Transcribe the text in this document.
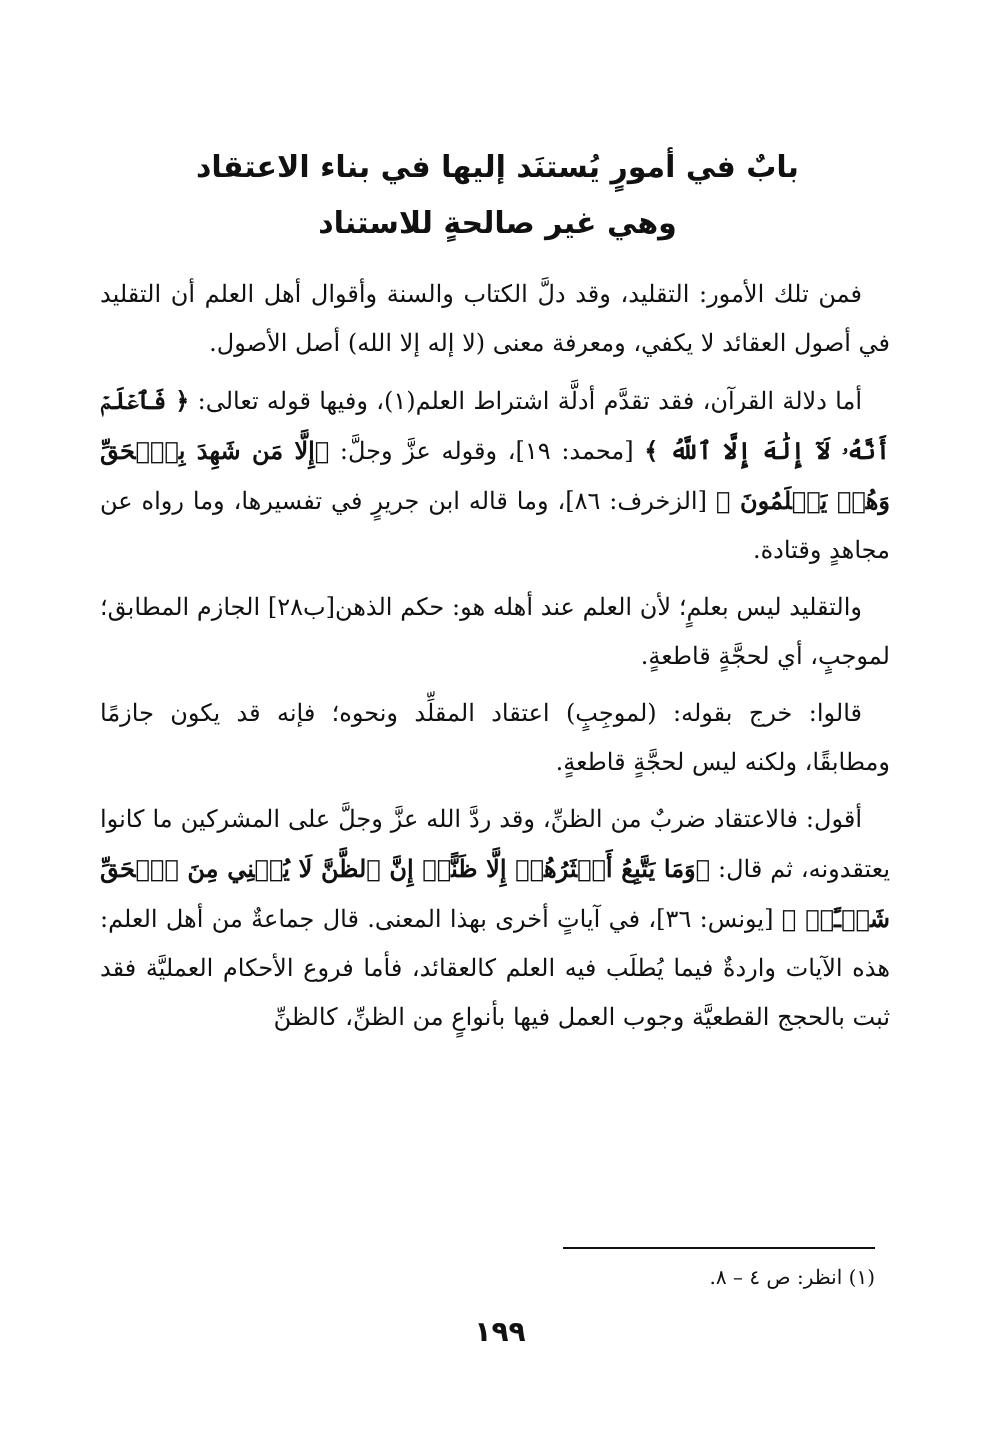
بابٌ في أمورٍ يُستنَد إليها في بناء الاعتقاد
وهي غير صالحةٍ للاستناد

فمن تلك الأمور: التقليد، وقد دلَّ الكتاب والسنة وأقوال أهل العلم أن التقليد في أصول العقائد لا يكفي، ومعرفة معنى (لا إله إلا الله) أصل الأصول.

أما دلالة القرآن، فقد تقدَّم أدلَّة اشتراط العلم(١)، وفيها قوله تعالى: ﴿ فَٱعۡلَمۡ أَنَّهُۥ لَآ إِلَٰهَ إِلَّا ٱللَّهُ ﴾ [محمد: ١٩]، وقوله عزَّ وجلَّ: ﴿إِلَّا مَن شَهِدَ بِٱلۡحَقِّ وَهُمۡ يَعۡلَمُونَ ﴾ [الزخرف: ٨٦]، وما قاله ابن جريرٍ في تفسيرها، وما رواه عن مجاهدٍ وقتادة.

والتقليد ليس بعلمٍ؛ لأن العلم عند أهله هو: حكم الذهن[ب٢٨] الجازم المطابق؛ لموجبٍ، أي لحجَّةٍ قاطعةٍ.

قالوا: خرج بقوله: (لموجِبٍ) اعتقاد المقلِّد ونحوه؛ فإنه قد يكون جازمًا ومطابقًا، ولكنه ليس لحجَّةٍ قاطعةٍ.

أقول: فالاعتقاد ضربٌ من الظنِّ، وقد ردَّ الله عزَّ وجلَّ على المشركين ما كانوا يعتقدونه، ثم قال: ﴿وَمَا يَتَّبِعُ أَكۡثَرُهُمۡ إِلَّا ظَنًّاۚ إِنَّ ٱلظَّنَّ لَا يُغۡنِي مِنَ ٱلۡحَقِّ شَيۡـًٔاۚ ﴾ [يونس: ٣٦]، في آياتٍ أخرى بهذا المعنى. قال جماعةٌ من أهل العلم: هذه الآيات واردةٌ فيما يُطلَب فيه العلم كالعقائد، فأما فروع الأحكام العمليَّة فقد ثبت بالحجج القطعيَّة وجوب العمل فيها بأنواعٍ من الظنِّ، كالظنِّ

(١) انظر: ص ٤ – ٨.
١٩٩
